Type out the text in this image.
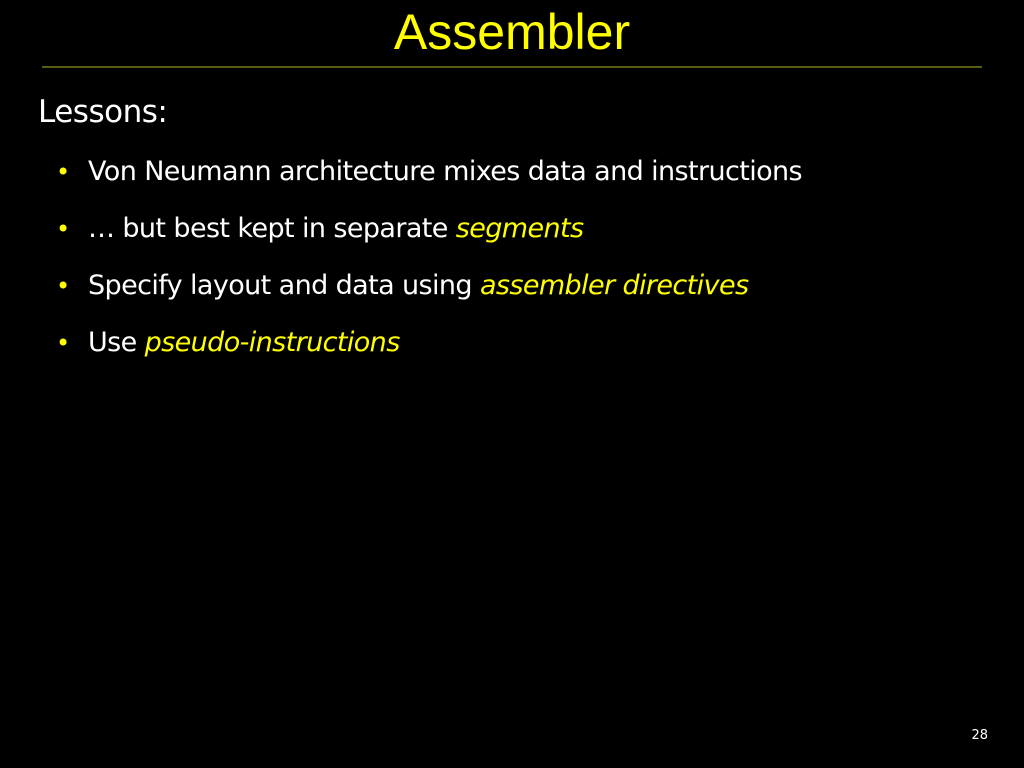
Assembler

Lessons:

• Von Neumann architecture mixes data and instructions
• … but best kept in separate segments
• Specify layout and data using assembler directives
• Use pseudo-instructions
28
